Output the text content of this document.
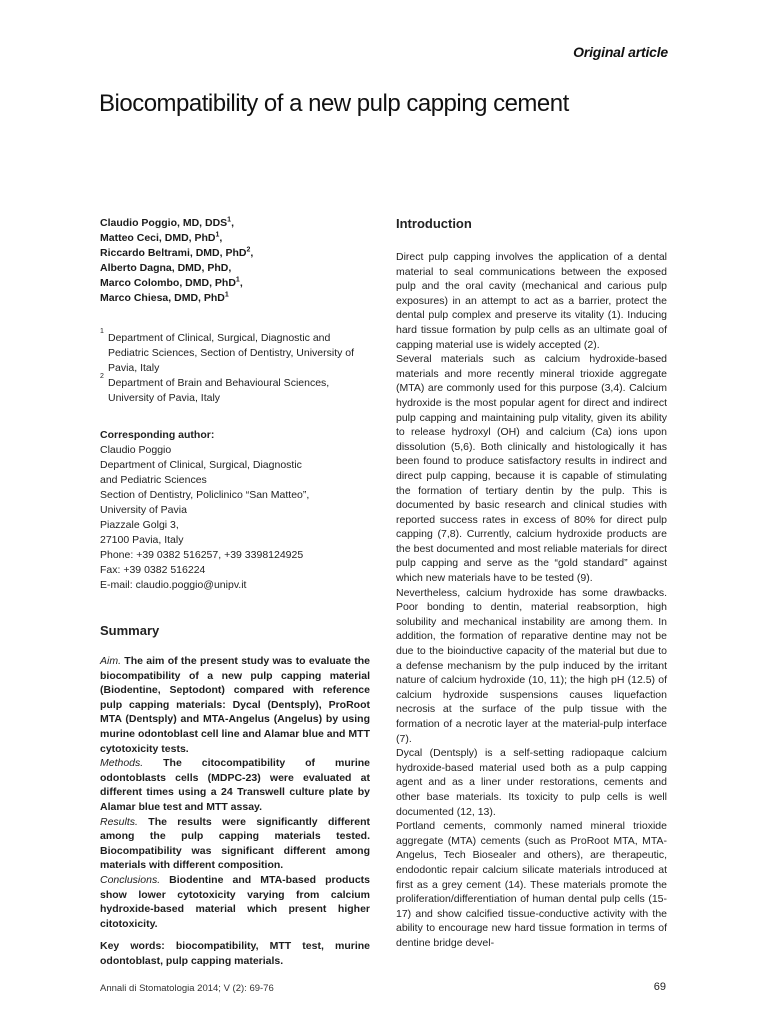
Original article
Biocompatibility of a new pulp capping cement
Claudio Poggio, MD, DDS$^1$,
Matteo Ceci, DMD, PhD$^1$,
Riccardo Beltrami, DMD, PhD$^2$,
Alberto Dagna, DMD, PhD,
Marco Colombo, DMD, PhD$^1$,
Marco Chiesa, DMD, PhD$^1$
1
Department of Clinical, Surgical, Diagnostic and Pediatric Sciences, Section of Dentistry, University of Pavia, Italy
2
Department of Brain and Behavioural Sciences, University of Pavia, Italy
Corresponding author:
Claudio Poggio
Department of Clinical, Surgical, Diagnostic
and Pediatric Sciences
Section of Dentistry, Policlinico “San Matteo”,
University of Pavia
Piazzale Golgi 3,
27100 Pavia, Italy
Phone: +39 0382 516257, +39 3398124925
Fax: +39 0382 516224
E-mail: claudio.poggio@unipv.it
Summary

Aim. The aim of the present study was to evaluate the biocompatibility of a new pulp capping material (Biodentine, Septodont) compared with reference pulp capping materials: Dycal (Dentsply), ProRoot MTA (Dentsply) and MTA-Angelus (Angelus) by using murine odontoblast cell line and Alamar blue and MTT cytotoxicity tests.

Methods. The citocompatibility of murine odontoblasts cells (MDPC-23) were evaluated at different times using a 24 Transwell culture plate by Alamar blue test and MTT assay.

Results. The results were significantly different among the pulp capping materials tested. Biocompatibility was significant different among materials with different composition.

Conclusions. Biodentine and MTA-based products show lower cytotoxicity varying from calcium hydroxide-based material which present higher citotoxicity.

Key words: biocompatibility, MTT test, murine odontoblast, pulp capping materials.

Introduction

Direct pulp capping involves the application of a dental material to seal communications between the exposed pulp and the oral cavity (mechanical and carious pulp exposures) in an attempt to act as a barrier, protect the dental pulp complex and preserve its vitality (1). Inducing hard tissue formation by pulp cells as an ultimate goal of capping material use is widely accepted (2).

Several materials such as calcium hydroxide-based materials and more recently mineral trioxide aggregate (MTA) are commonly used for this purpose (3,4). Calcium hydroxide is the most popular agent for direct and indirect pulp capping and maintaining pulp vitality, given its ability to release hydroxyl (OH) and calcium (Ca) ions upon dissolution (5,6). Both clinically and histologically it has been found to produce satisfactory results in indirect and direct pulp capping, because it is capable of stimulating the formation of tertiary dentin by the pulp. This is documented by basic research and clinical studies with reported success rates in excess of 80% for direct pulp capping (7,8). Currently, calcium hydroxide products are the best documented and most reliable materials for direct pulp capping and serve as the “gold standard” against which new materials have to be tested (9).

Nevertheless, calcium hydroxide has some drawbacks. Poor bonding to dentin, material reabsorption, high solubility and mechanical instability are among them. In addition, the formation of reparative dentine may not be due to the bioinductive capacity of the material but due to a defense mechanism by the pulp induced by the irritant nature of calcium hydroxide (10, 11); the high pH (12.5) of calcium hydroxide suspensions causes liquefaction necrosis at the surface of the pulp tissue with the formation of a necrotic layer at the material-pulp interface (7).

Dycal (Dentsply) is a self-setting radiopaque calcium hydroxide-based material used both as a pulp capping agent and as a liner under restorations, cements and other base materials. Its toxicity to pulp cells is well documented (12, 13).

Portland cements, commonly named mineral trioxide aggregate (MTA) cements (such as ProRoot MTA, MTA-Angelus, Tech Biosealer and others), are therapeutic, endodontic repair calcium silicate materials introduced at first as a grey cement (14). These materials promote the proliferation/differentiation of human dental pulp cells (15-17) and show calcified tissue-conductive activity with the ability to encourage new hard tissue formation in terms of dentine bridge devel-

Annali di Stomatologia 2014; V (2): 69-76	69
